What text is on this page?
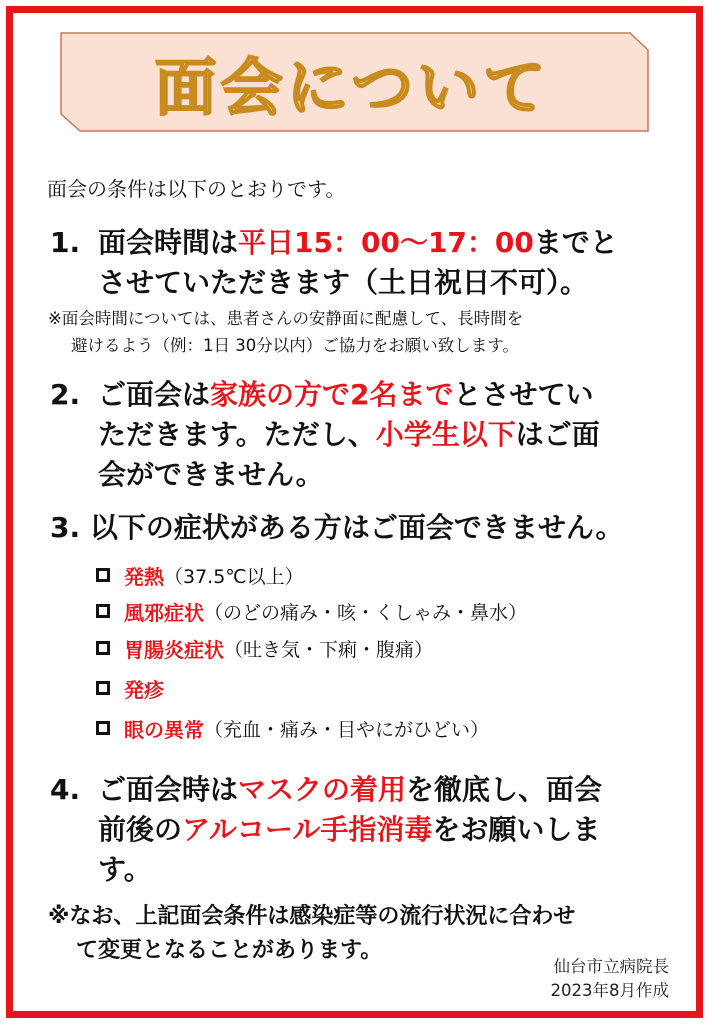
面会について
面会の条件は以下のとおりです。
1. 面会時間は平日15：00～17：00までと
させていただきます（土日祝日不可）。
※面会時間については、患者さんの安静面に配慮して、長時間を
避けるよう（例：1日 30分以内）ご協力をお願い致します。
2. ご面会は家族の方で2名までとさせてい
ただきます。ただし、小学生以下はご面
会ができません。
3. 以下の症状がある方はご面会できません。
発熱 （37.5℃以上）
風邪症状 （のどの痛み・咳・くしゃみ・鼻水）
胃腸炎症状 （吐き気・下痢・腹痛）
発疹
眼の異常 （充血・痛み・目やにがひどい）
4. ご面会時はマスクの着用を徹底し、面会
前後のアルコール手指消毒をお願いしま
す。
※なお、上記面会条件は感染症等の流行状況に合わせ
て変更となることがあります。
仙台市立病院長
2023年8月作成
